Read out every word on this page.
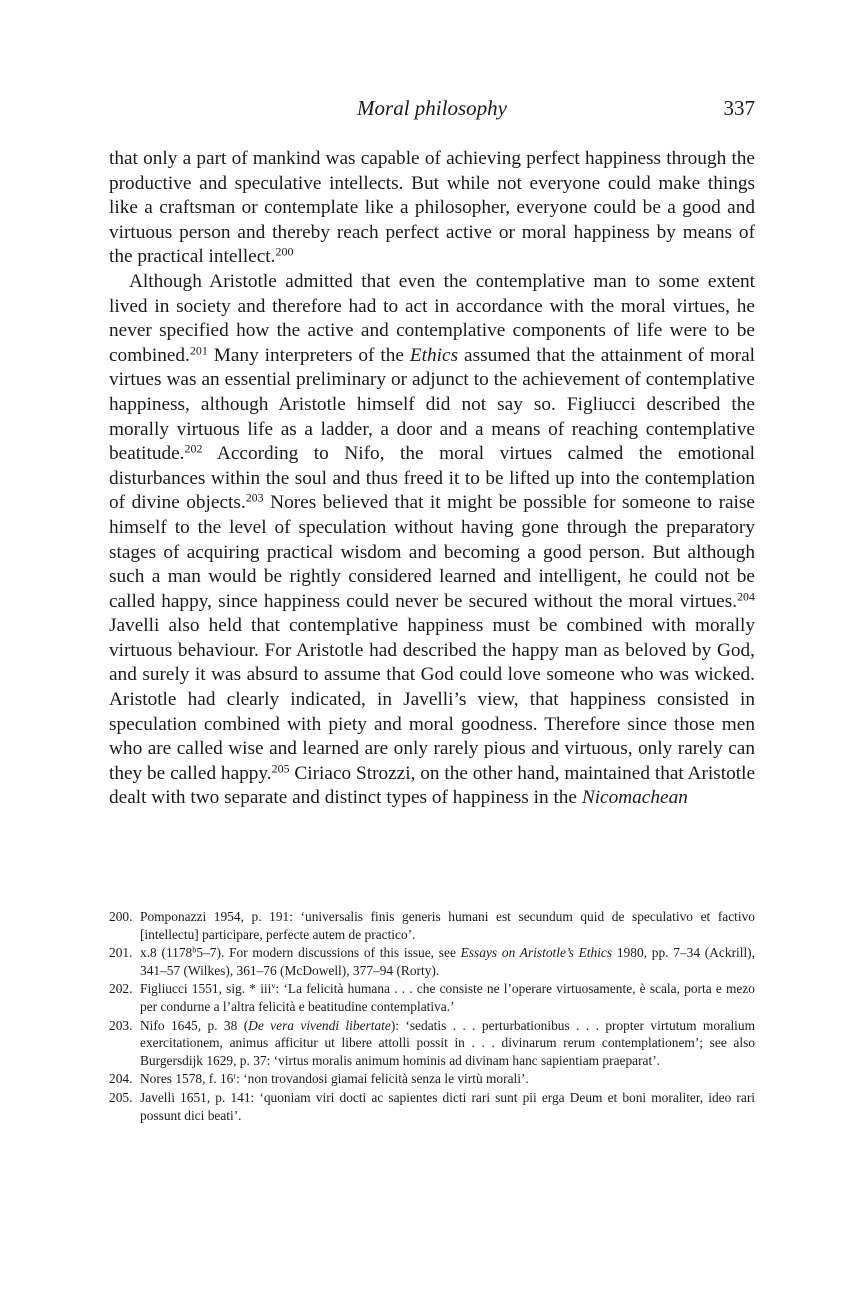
Moral philosophy	337

that only a part of mankind was capable of achieving perfect happiness through the productive and speculative intellects. But while not everyone could make things like a craftsman or contemplate like a philosopher, everyone could be a good and virtuous person and thereby reach perfect active or moral happiness by means of the practical intellect.$^{200}$

Although Aristotle admitted that even the contemplative man to some extent lived in society and therefore had to act in accordance with the moral virtues, he never specified how the active and contemplative components of life were to be combined.$^{201}$ Many interpreters of the Ethics assumed that the attainment of moral virtues was an essential preliminary or adjunct to the achievement of contemplative happiness, although Aristotle himself did not say so. Figliucci described the morally virtuous life as a ladder, a door and a means of reaching contemplative beatitude.$^{202}$ According to Nifo, the moral virtues calmed the emotional disturbances within the soul and thus freed it to be lifted up into the contemplation of divine objects.$^{203}$ Nores believed that it might be possible for someone to raise himself to the level of speculation without having gone through the preparatory stages of acquiring practical wisdom and becoming a good person. But although such a man would be rightly considered learned and intelligent, he could not be called happy, since happiness could never be secured without the moral virtues.$^{204}$ Javelli also held that contemplative happiness must be combined with morally virtuous behaviour. For Aristotle had described the happy man as beloved by God, and surely it was absurd to assume that God could love someone who was wicked. Aristotle had clearly indicated, in Javelli’s view, that happiness consisted in speculation combined with piety and moral goodness. Therefore since those men who are called wise and learned are only rarely pious and virtuous, only rarely can they be called happy.$^{205}$ Ciriaco Strozzi, on the other hand, maintained that Aristotle dealt with two separate and distinct types of happiness in the Nicomachean

200. Pomponazzi 1954, p. 191: ‘universalis finis generis humani est secundum quid de speculativo et factivo [intellectu] participare, perfecte autem de practico’.
201. x.8 (1178$^b$5–7). For modern discussions of this issue, see Essays on Aristotle’s Ethics 1980, pp. 7–34 (Ackrill), 341–57 (Wilkes), 361–76 (McDowell), 377–94 (Rorty).
202. Figliucci 1551, sig. * iii$^v$: ‘La felicità humana . . . che consiste ne l’operare virtuosamente, è scala, porta e mezo per condurne a l’altra felicità e beatitudine contemplativa.’
203. Nifo 1645, p. 38 (De vera vivendi libertate): ‘sedatis . . . perturbationibus . . . propter virtutum moralium exercitationem, animus afficitur ut libere attolli possit in . . . divinarum rerum contemplationem’; see also Burgersdijk 1629, p. 37: ‘virtus moralis animum hominis ad divinam hanc sapientiam praeparat’.
204. Nores 1578, f. 16$^r$: ‘non trovandosi giamai felicità senza le virtù morali’.
205. Javelli 1651, p. 141: ‘quoniam viri docti ac sapientes dicti rari sunt pii erga Deum et boni moraliter, ideo rari possunt dici beati’.
